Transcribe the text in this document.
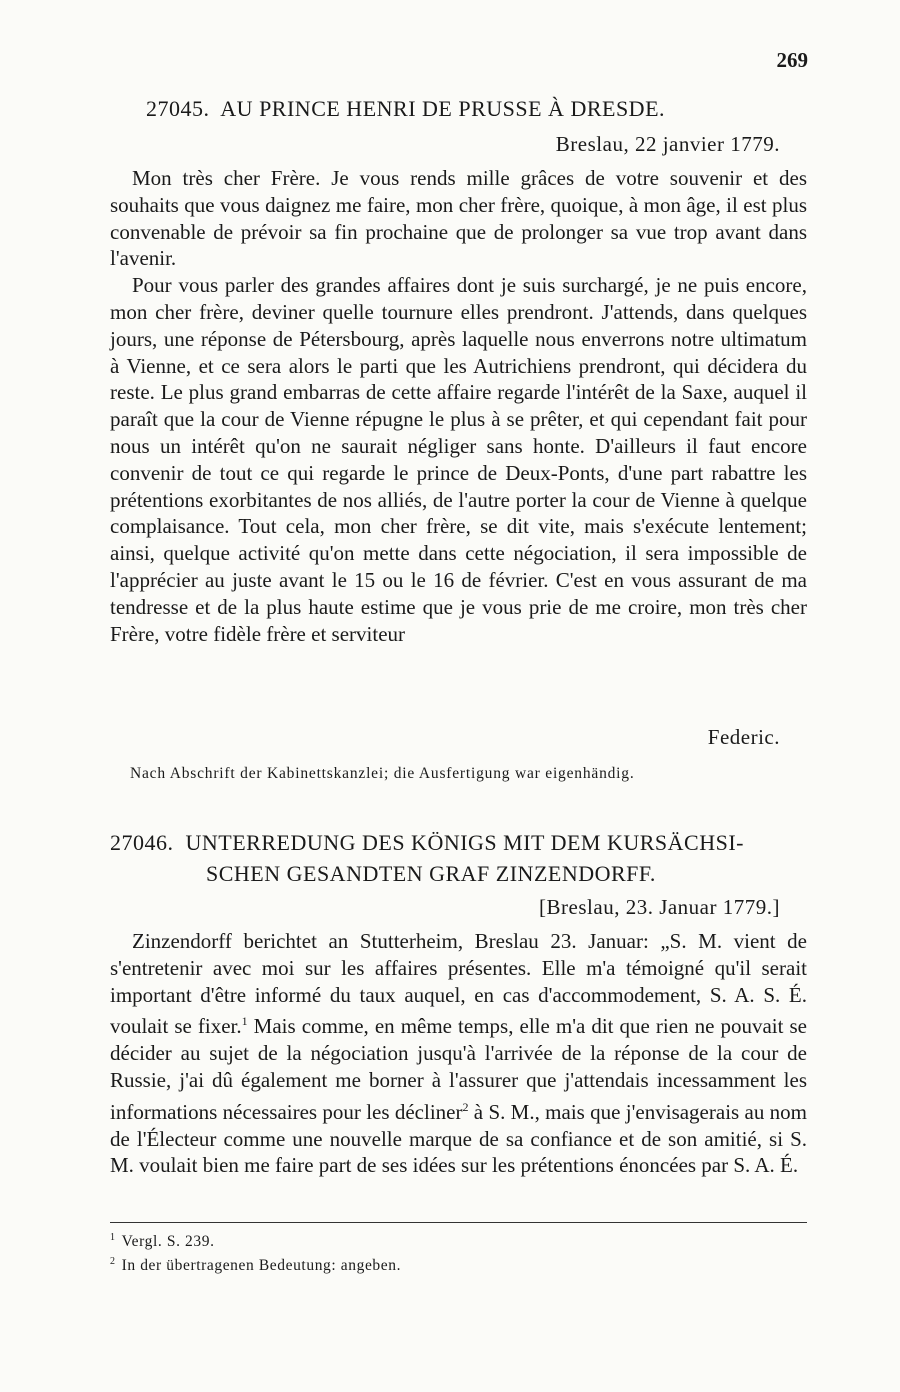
269
27045. AU PRINCE HENRI DE PRUSSE À DRESDE.
Breslau, 22 janvier 1779.

Mon très cher Frère. Je vous rends mille grâces de votre souvenir et des souhaits que vous daignez me faire, mon cher frère, quoique, à mon âge, il est plus convenable de prévoir sa fin prochaine que de prolonger sa vue trop avant dans l'avenir.

Pour vous parler des grandes affaires dont je suis surchargé, je ne puis encore, mon cher frère, deviner quelle tournure elles prendront. J'attends, dans quelques jours, une réponse de Pétersbourg, après laquelle nous enverrons notre ultimatum à Vienne, et ce sera alors le parti que les Autrichiens prendront, qui décidera du reste. Le plus grand embarras de cette affaire regarde l'intérêt de la Saxe, auquel il paraît que la cour de Vienne répugne le plus à se prêter, et qui cependant fait pour nous un intérêt qu'on ne saurait négliger sans honte. D'ailleurs il faut encore convenir de tout ce qui regarde le prince de Deux-Ponts, d'une part rabattre les prétentions exorbitantes de nos alliés, de l'autre porter la cour de Vienne à quelque complaisance. Tout cela, mon cher frère, se dit vite, mais s'exécute lentement; ainsi, quelque activité qu'on mette dans cette négociation, il sera impossible de l'apprécier au juste avant le 15 ou le 16 de février. C'est en vous assurant de ma tendresse et de la plus haute estime que je vous prie de me croire, mon très cher Frère, votre fidèle frère et serviteur

Federic.
Nach Abschrift der Kabinettskanzlei; die Ausfertigung war eigenhändig.
27046. UNTERREDUNG DES KÖNIGS MIT DEM KURSÄCHSI-
SCHEN GESANDTEN GRAF ZINZENDORFF.
[Breslau, 23. Januar 1779.]

Zinzendorff berichtet an Stutterheim, Breslau 23. Januar: „S. M. vient de s'entretenir avec moi sur les affaires présentes. Elle m'a témoigné qu'il serait important d'être informé du taux auquel, en cas d'accommodement, S. A. S. É. voulait se fixer.$^1$ Mais comme, en même temps, elle m'a dit que rien ne pouvait se décider au sujet de la négociation jusqu'à l'arrivée de la réponse de la cour de Russie, j'ai dû également me borner à l'assurer que j'attendais incessamment les informations nécessaires pour les décliner$^2$ à S. M., mais que j'envisagerais au nom de l'Électeur comme une nouvelle marque de sa confiance et de son amitié, si S. M. voulait bien me faire part de ses idées sur les prétentions énoncées par S. A. É.

$^1$ Vergl. S. 239.
$^2$ In der übertragenen Bedeutung: angeben.
